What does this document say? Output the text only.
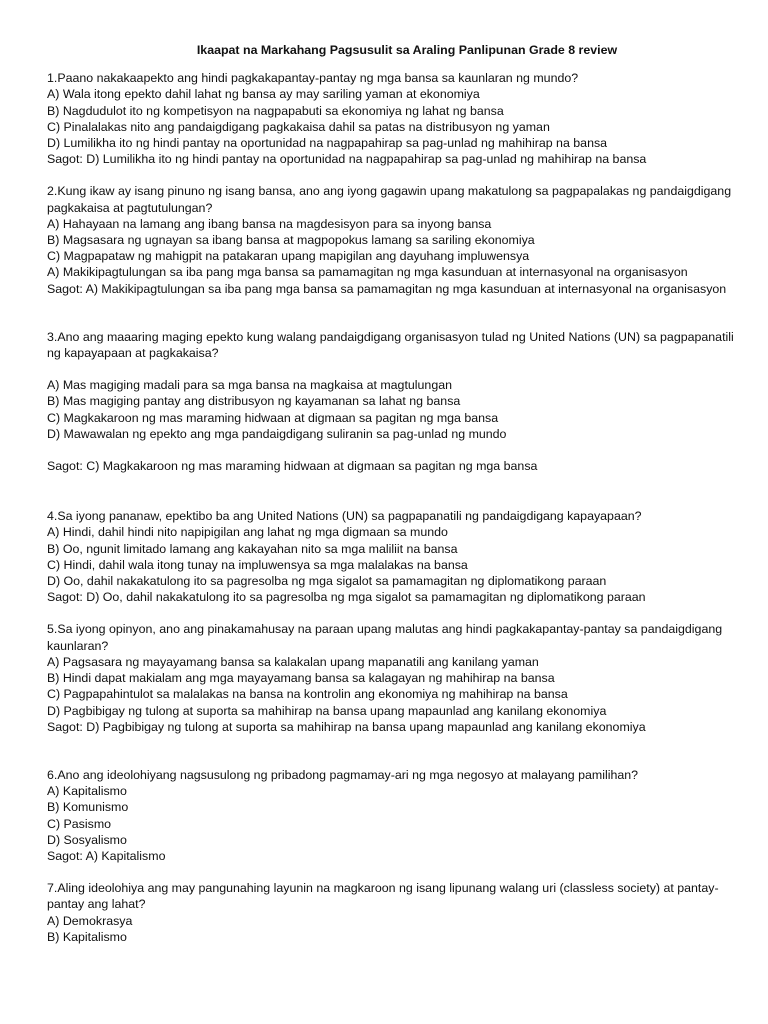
Ikaapat na Markahang Pagsusulit sa Araling Panlipunan Grade 8 review
1.Paano nakakaapekto ang hindi pagkakapantay-pantay ng mga bansa sa kaunlaran ng mundo?
A) Wala itong epekto dahil lahat ng bansa ay may sariling yaman at ekonomiya
B) Nagdudulot ito ng kompetisyon na nagpapabuti sa ekonomiya ng lahat ng bansa
C) Pinalalakas nito ang pandaigdigang pagkakaisa dahil sa patas na distribusyon ng yaman
D) Lumilikha ito ng hindi pantay na oportunidad na nagpapahirap sa pag-unlad ng mahihirap na bansa
Sagot: D) Lumilikha ito ng hindi pantay na oportunidad na nagpapahirap sa pag-unlad ng mahihirap na bansa
2.Kung ikaw ay isang pinuno ng isang bansa, ano ang iyong gagawin upang makatulong sa pagpapalakas ng pandaigdigang pagkakaisa at pagtutulungan?
A) Hahayaan na lamang ang ibang bansa na magdesisyon para sa inyong bansa
B) Magsasara ng ugnayan sa ibang bansa at magpopokus lamang sa sariling ekonomiya
C) Magpapataw ng mahigpit na patakaran upang mapigilan ang dayuhang impluwensya
A) Makikipagtulungan sa iba pang mga bansa sa pamamagitan ng mga kasunduan at internasyonal na organisasyon
Sagot: A) Makikipagtulungan sa iba pang mga bansa sa pamamagitan ng mga kasunduan at internasyonal na organisasyon
3.Ano ang maaaring maging epekto kung walang pandaigdigang organisasyon tulad ng United Nations (UN) sa pagpapanatili ng kapayapaan at pagkakaisa?
A) Mas magiging madali para sa mga bansa na magkaisa at magtulungan
B) Mas magiging pantay ang distribusyon ng kayamanan sa lahat ng bansa
C) Magkakaroon ng mas maraming hidwaan at digmaan sa pagitan ng mga bansa
D) Mawawalan ng epekto ang mga pandaigdigang suliranin sa pag-unlad ng mundo
Sagot: C) Magkakaroon ng mas maraming hidwaan at digmaan sa pagitan ng mga bansa
4.Sa iyong pananaw, epektibo ba ang United Nations (UN) sa pagpapanatili ng pandaigdigang kapayapaan?
A) Hindi, dahil hindi nito napipigilan ang lahat ng mga digmaan sa mundo
B) Oo, ngunit limitado lamang ang kakayahan nito sa mga maliliit na bansa
C) Hindi, dahil wala itong tunay na impluwensya sa mga malalakas na bansa
D) Oo, dahil nakakatulong ito sa pagresolba ng mga sigalot sa pamamagitan ng diplomatikong paraan
Sagot: D) Oo, dahil nakakatulong ito sa pagresolba ng mga sigalot sa pamamagitan ng diplomatikong paraan
5.Sa iyong opinyon, ano ang pinakamahusay na paraan upang malutas ang hindi pagkakapantay-pantay sa pandaigdigang kaunlaran?
A) Pagsasara ng mayayamang bansa sa kalakalan upang mapanatili ang kanilang yaman
B) Hindi dapat makialam ang mga mayayamang bansa sa kalagayan ng mahihirap na bansa
C) Pagpapahintulot sa malalakas na bansa na kontrolin ang ekonomiya ng mahihirap na bansa
D) Pagbibigay ng tulong at suporta sa mahihirap na bansa upang mapaunlad ang kanilang ekonomiya
Sagot: D) Pagbibigay ng tulong at suporta sa mahihirap na bansa upang mapaunlad ang kanilang ekonomiya
6.Ano ang ideolohiyang nagsusulong ng pribadong pagmamay-ari ng mga negosyo at malayang pamilihan?
A) Kapitalismo
B) Komunismo
C) Pasismo
D) Sosyalismo
Sagot: A) Kapitalismo
7.Aling ideolohiya ang may pangunahing layunin na magkaroon ng isang lipunang walang uri (classless society) at pantay-pantay ang lahat?
A) Demokrasya
B) Kapitalismo
